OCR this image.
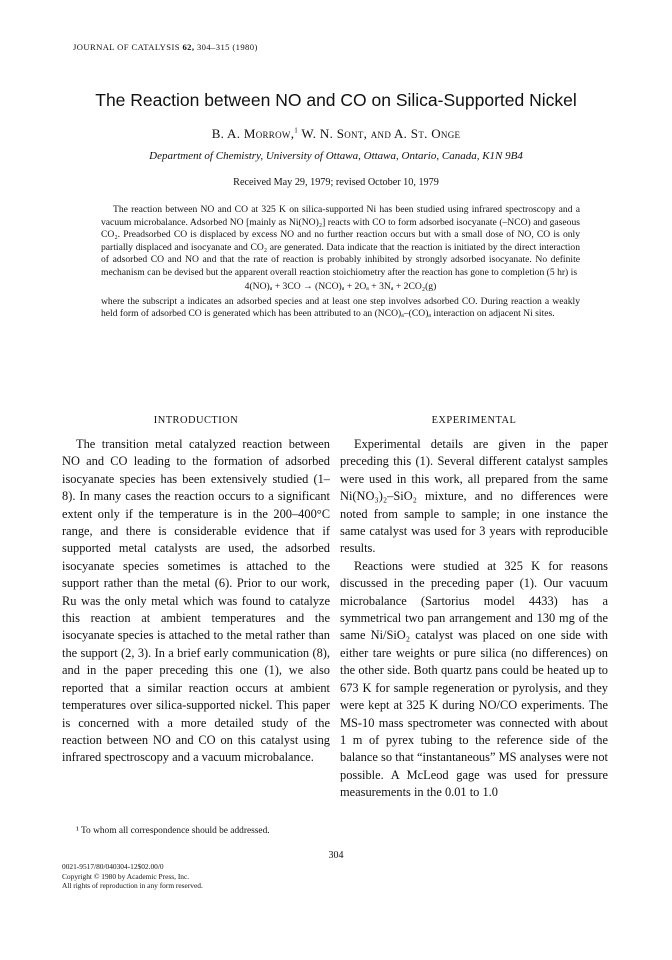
JOURNAL OF CATALYSIS 62, 304–315 (1980)
The Reaction between NO and CO on Silica-Supported Nickel
B. A. Morrow,$^1$ W. N. Sont, and A. St. Onge
Department of Chemistry, University of Ottawa, Ottawa, Ontario, Canada, K1N 9B4
Received May 29, 1979; revised October 10, 1979

The reaction between NO and CO at 325 K on silica-supported Ni has been studied using infrared spectroscopy and a vacuum microbalance. Adsorbed NO [mainly as Ni(NO)₂] reacts with CO to form adsorbed isocyanate (–NCO) and gaseous CO₂. Preadsorbed CO is displaced by excess NO and no further reaction occurs but with a small dose of NO, CO is only partially displaced and isocyanate and CO₂ are generated. Data indicate that the reaction is initiated by the direct interaction of adsorbed CO and NO and that the rate of reaction is probably inhibited by strongly adsorbed isocyanate. No definite mechanism can be devised but the apparent overall reaction stoichiometry after the reaction has gone to completion (5 hr) is

4(NO)ₐ + 3CO → (NCO)ₐ + 2Oₐ + 3Nₐ + 2CO₂(g)

where the subscript a indicates an adsorbed species and at least one step involves adsorbed CO. During reaction a weakly held form of adsorbed CO is generated which has been attributed to an (NCO)ₐ–(CO)ₐ interaction on adjacent Ni sites.

INTRODUCTION	EXPERIMENTAL

The transition metal catalyzed reaction between NO and CO leading to the formation of adsorbed isocyanate species has been extensively studied (1–8). In many cases the reaction occurs to a significant extent only if the temperature is in the 200–400°C range, and there is considerable evidence that if supported metal catalysts are used, the adsorbed isocyanate species sometimes is attached to the support rather than the metal (6). Prior to our work, Ru was the only metal which was found to catalyze this reaction at ambient temperatures and the isocyanate species is attached to the metal rather than the support (2, 3). In a brief early communication (8), and in the paper preceding this one (1), we also reported that a similar reaction occurs at ambient temperatures over silica-supported nickel. This paper is concerned with a more detailed study of the reaction between NO and CO on this catalyst using infrared spectroscopy and a vacuum microbalance.

Experimental details are given in the paper preceding this (1). Several different catalyst samples were used in this work, all prepared from the same Ni(NO₃)₂–SiO₂ mixture, and no differences were noted from sample to sample; in one instance the same catalyst was used for 3 years with reproducible results.

Reactions were studied at 325 K for reasons discussed in the preceding paper (1). Our vacuum microbalance (Sartorius model 4433) has a symmetrical two pan arrangement and 130 mg of the same Ni/SiO₂ catalyst was placed on one side with either tare weights or pure silica (no differences) on the other side. Both quartz pans could be heated up to 673 K for sample regeneration or pyrolysis, and they were kept at 325 K during NO/CO experiments. The MS-10 mass spectrometer was connected with about 1 m of pyrex tubing to the reference side of the balance so that “instantaneous” MS analyses were not possible. A McLeod gage was used for pressure measurements in the 0.01 to 1.0

¹ To whom all correspondence should be addressed.
304
0021-9517/80/040304-12$02.00/0
Copyright © 1980 by Academic Press, Inc.
All rights of reproduction in any form reserved.
